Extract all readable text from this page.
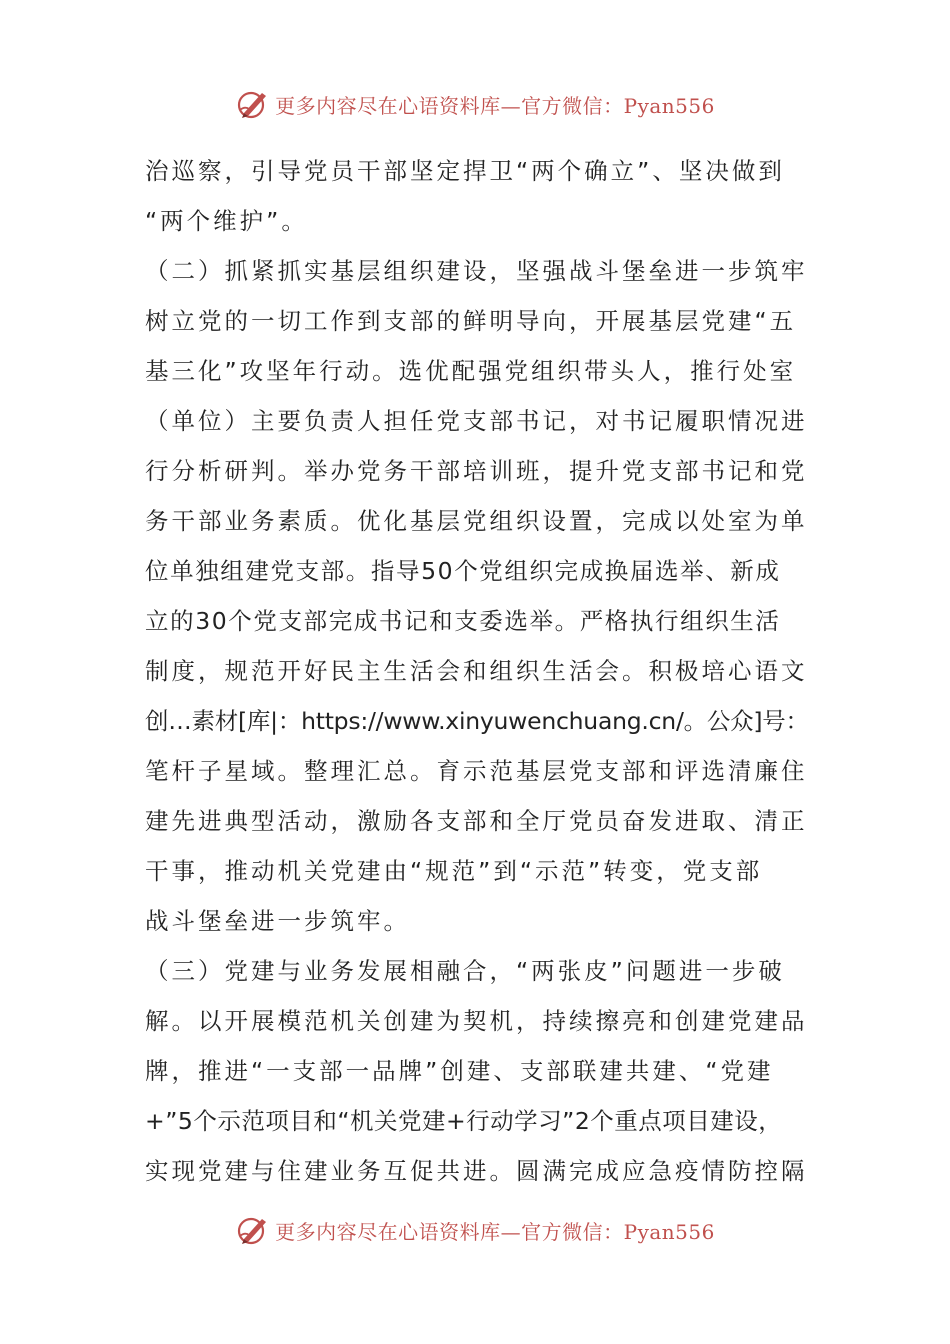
更多内容尽在心语资料库—官方微信：Pyan556
治巡察，引导党员干部坚定捍卫“两个确立”、坚决做到
“两个维护”。
（二）抓紧抓实基层组织建设，坚强战斗堡垒进一步筑牢
树立党的一切工作到支部的鲜明导向，开展基层党建“五
基三化”攻坚年行动。选优配强党组织带头人，推行处室
（单位）主要负责人担任党支部书记，对书记履职情况进
行分析研判。举办党务干部培训班，提升党支部书记和党
务干部业务素质。优化基层党组织设置，完成以处室为单
位单独组建党支部。指导50个党组织完成换届选举、新成
立的30个党支部完成书记和支委选举。严格执行组织生活
制度，规范开好民主生活会和组织生活会。积极培心语文
创…素材[库|：https://www.xinyuwenchuang.cn/。公众]号：
笔杆子星域。整理汇总。育示范基层党支部和评选清廉住
建先进典型活动，激励各支部和全厅党员奋发进取、清正
干事，推动机关党建由“规范”到“示范”转变，党支部
战斗堡垒进一步筑牢。
（三）党建与业务发展相融合，“两张皮”问题进一步破
解。以开展模范机关创建为契机，持续擦亮和创建党建品
牌，推进“一支部一品牌”创建、支部联建共建、“党建
+”5个示范项目和“机关党建+行动学习”2个重点项目建设，
实现党建与住建业务互促共进。圆满完成应急疫情防控隔
更多内容尽在心语资料库—官方微信：Pyan556
